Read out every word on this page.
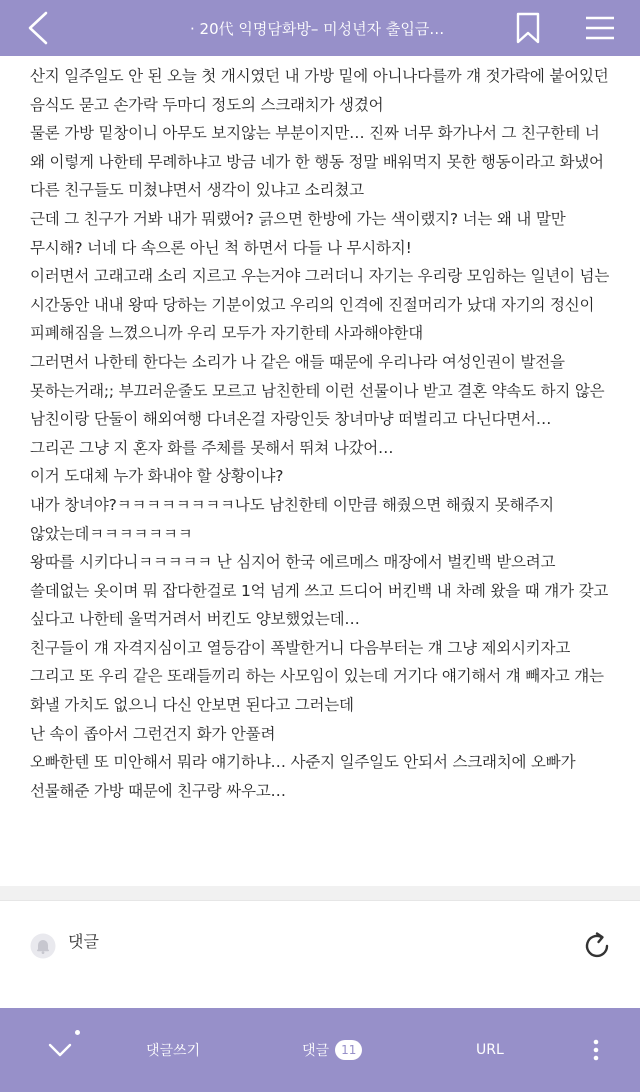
· 20代 익명담화방– 미성년자 출입금…

산지 일주일도 안 된 오늘 첫 개시였던 내 가방 밑에 아니나다를까 걔 젓가락에 붙어있던 음식도 묻고 손가락 두마디 정도의 스크래치가 생겼어

물론 가방 밑창이니 아무도 보지않는 부분이지만… 진짜 너무 화가나서 그 친구한테 너 왜 이렇게 나한테 무례하냐고 방금 네가 한 행동 정말 배워먹지 못한 행동이라고 화냈어

다른 친구들도 미쳤냐면서 생각이 있냐고 소리쳤고

근데 그 친구가 거봐 내가 뭐랬어? 긁으면 한방에 가는 색이랬지? 너는 왜 내 말만 무시해? 너네 다 속으론 아닌 척 하면서 다들 나 무시하지!

이러면서 고래고래 소리 지르고 우는거야 그러더니 자기는 우리랑 모임하는 일년이 넘는 시간동안 내내 왕따 당하는 기분이었고 우리의 인격에 진절머리가 났대 자기의 정신이 피폐해짐을 느꼈으니까 우리 모두가 자기한테 사과해야한대

그러면서 나한테 한다는 소리가 나 같은 애들 때문에 우리나라 여성인권이 발전을 못하는거래;; 부끄러운줄도 모르고 남친한테 이런 선물이나 받고 결혼 약속도 하지 않은 남친이랑 단둘이 해외여행 다녀온걸 자랑인듯 창녀마냥 떠벌리고 다닌다면서…

그리곤 그냥 지 혼자 화를 주체를 못해서 뛰쳐 나갔어…

이거 도대체 누가 화내야 할 상황이냐?

내가 창녀야?ㅋㅋㅋㅋㅋㅋㅋㅋ나도 남친한테 이만큼 해줬으면 해줬지 못해주지 않았는데ㅋㅋㅋㅋㅋㅋㅋ

왕따를 시키다니ㅋㅋㅋㅋㅋ 난 심지어 한국 에르메스 매장에서 벌킨백 받으려고 쓸데없는 옷이며 뭐 잡다한걸로 1억 넘게 쓰고 드디어 버킨백 내 차례 왔을 때 걔가 갖고 싶다고 나한테 울먹거려서 버킨도 양보했었는데…

친구들이 걔 자격지심이고 열등감이 폭발한거니 다음부터는 걔 그냥 제외시키자고 그리고 또 우리 같은 또래들끼리 하는 사모임이 있는데 거기다 얘기해서 걔 빼자고 걔는 화낼 가치도 없으니 다신 안보면 된다고 그러는데

난 속이 좁아서 그런건지 화가 안풀려

오빠한텐 또 미안해서 뭐라 얘기하냐… 사준지 일주일도 안되서 스크래치에 오빠가 선물해준 가방 때문에 친구랑 싸우고…

댓글
댓글쓰기	댓글	11	URL
